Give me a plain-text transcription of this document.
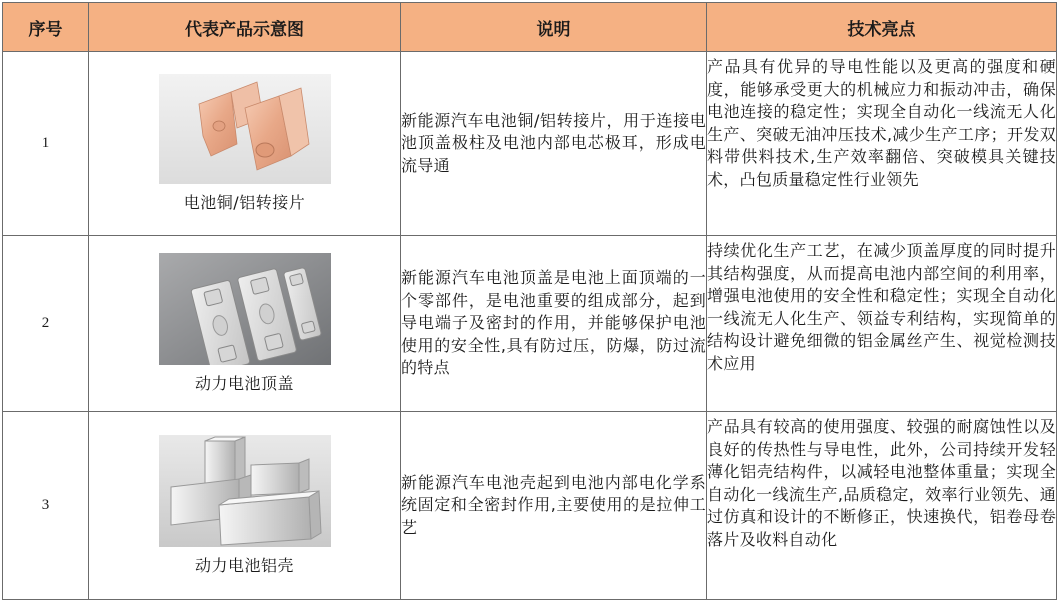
序号	代表产品示意图	说明	技术亮点
1	电池铜/铝转接片	新能源汽车电池铜/铝转接片，用于连接电池顶盖极柱及电池内部电芯极耳，形成电流导通	产品具有优异的导电性能以及更高的强度和硬度，能够承受更大的机械应力和振动冲击，确保电池连接的稳定性；实现全自动化一线流无人化生产、突破无油冲压技术,减少生产工序；开发双料带供料技术,生产效率翻倍、突破模具关键技术，凸包质量稳定性行业领先
2	动力电池顶盖	新能源汽车电池顶盖是电池上面顶端的一个零部件，是电池重要的组成部分，起到导电端子及密封的作用，并能够保护电池使用的安全性,具有防过压，防爆，防过流的特点	持续优化生产工艺，在减少顶盖厚度的同时提升其结构强度，从而提高电池内部空间的利用率，增强电池使用的安全性和稳定性；实现全自动化一线流无人化生产、领益专利结构，实现简单的结构设计避免细微的铝金属丝产生、视觉检测技术应用
3	动力电池铝壳	新能源汽车电池壳起到电池内部电化学系统固定和全密封作用,主要使用的是拉伸工艺	产品具有较高的使用强度、较强的耐腐蚀性以及良好的传热性与导电性，此外，公司持续开发轻薄化铝壳结构件，以减轻电池整体重量；实现全自动化一线流生产,品质稳定，效率行业领先、通过仿真和设计的不断修正，快速换代，铝卷母卷落片及收料自动化
